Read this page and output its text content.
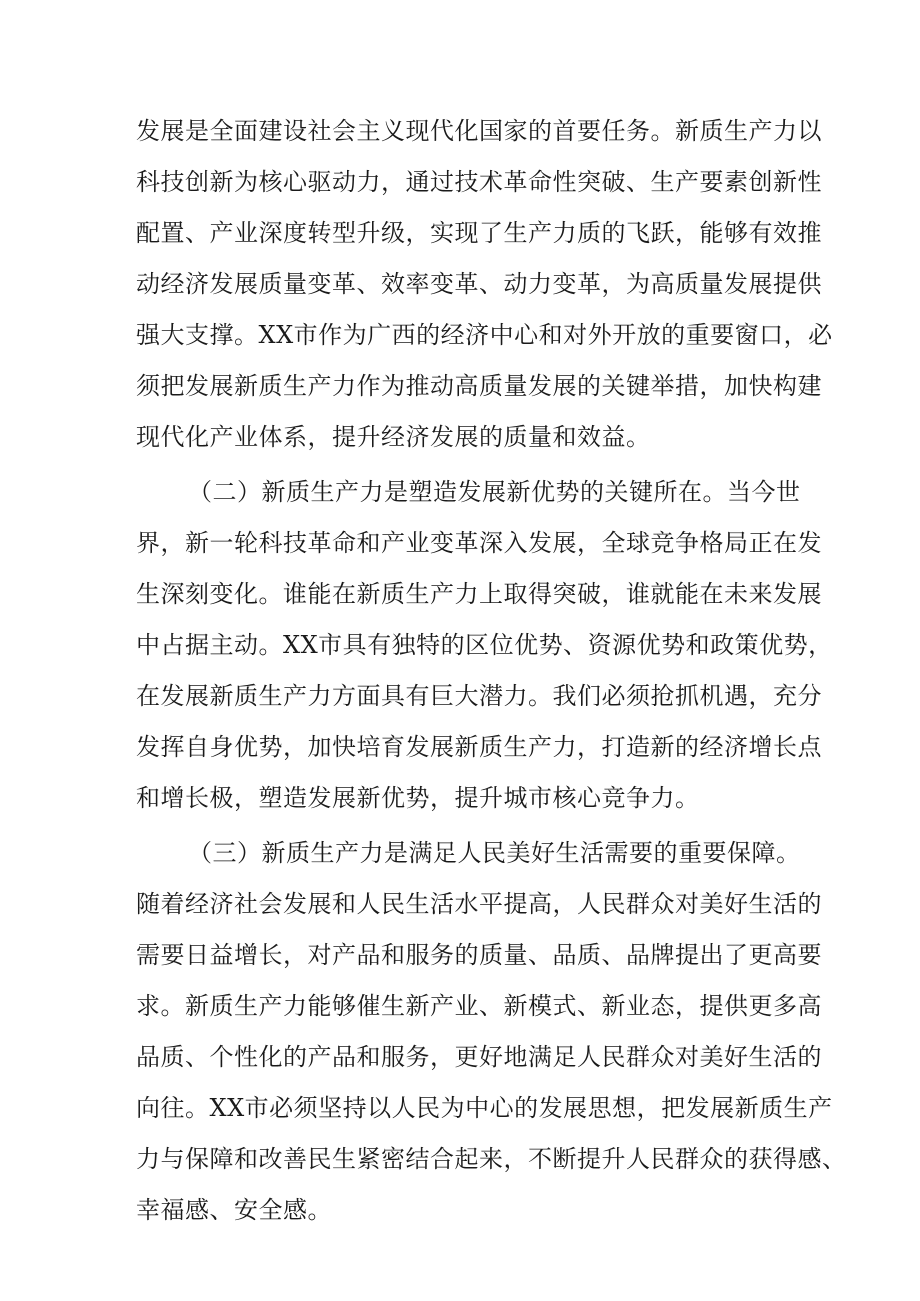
发展是全面建设社会主义现代化国家的首要任务。新质生产力以
科技创新为核心驱动力，通过技术革命性突破、生产要素创新性
配置、产业深度转型升级，实现了生产力质的飞跃，能够有效推
动经济发展质量变革、效率变革、动力变革，为高质量发展提供
强大支撑。XX市作为广西的经济中心和对外开放的重要窗口，必
须把发展新质生产力作为推动高质量发展的关键举措，加快构建
现代化产业体系，提升经济发展的质量和效益。
（二）新质生产力是塑造发展新优势的关键所在。当今世
界，新一轮科技革命和产业变革深入发展，全球竞争格局正在发
生深刻变化。谁能在新质生产力上取得突破，谁就能在未来发展
中占据主动。XX市具有独特的区位优势、资源优势和政策优势，
在发展新质生产力方面具有巨大潜力。我们必须抢抓机遇，充分
发挥自身优势，加快培育发展新质生产力，打造新的经济增长点
和增长极，塑造发展新优势，提升城市核心竞争力。
（三）新质生产力是满足人民美好生活需要的重要保障。
随着经济社会发展和人民生活水平提高，人民群众对美好生活的
需要日益增长，对产品和服务的质量、品质、品牌提出了更高要
求。新质生产力能够催生新产业、新模式、新业态，提供更多高
品质、个性化的产品和服务，更好地满足人民群众对美好生活的
向往。XX市必须坚持以人民为中心的发展思想，把发展新质生产
力与保障和改善民生紧密结合起来，不断提升人民群众的获得感、
幸福感、安全感。
